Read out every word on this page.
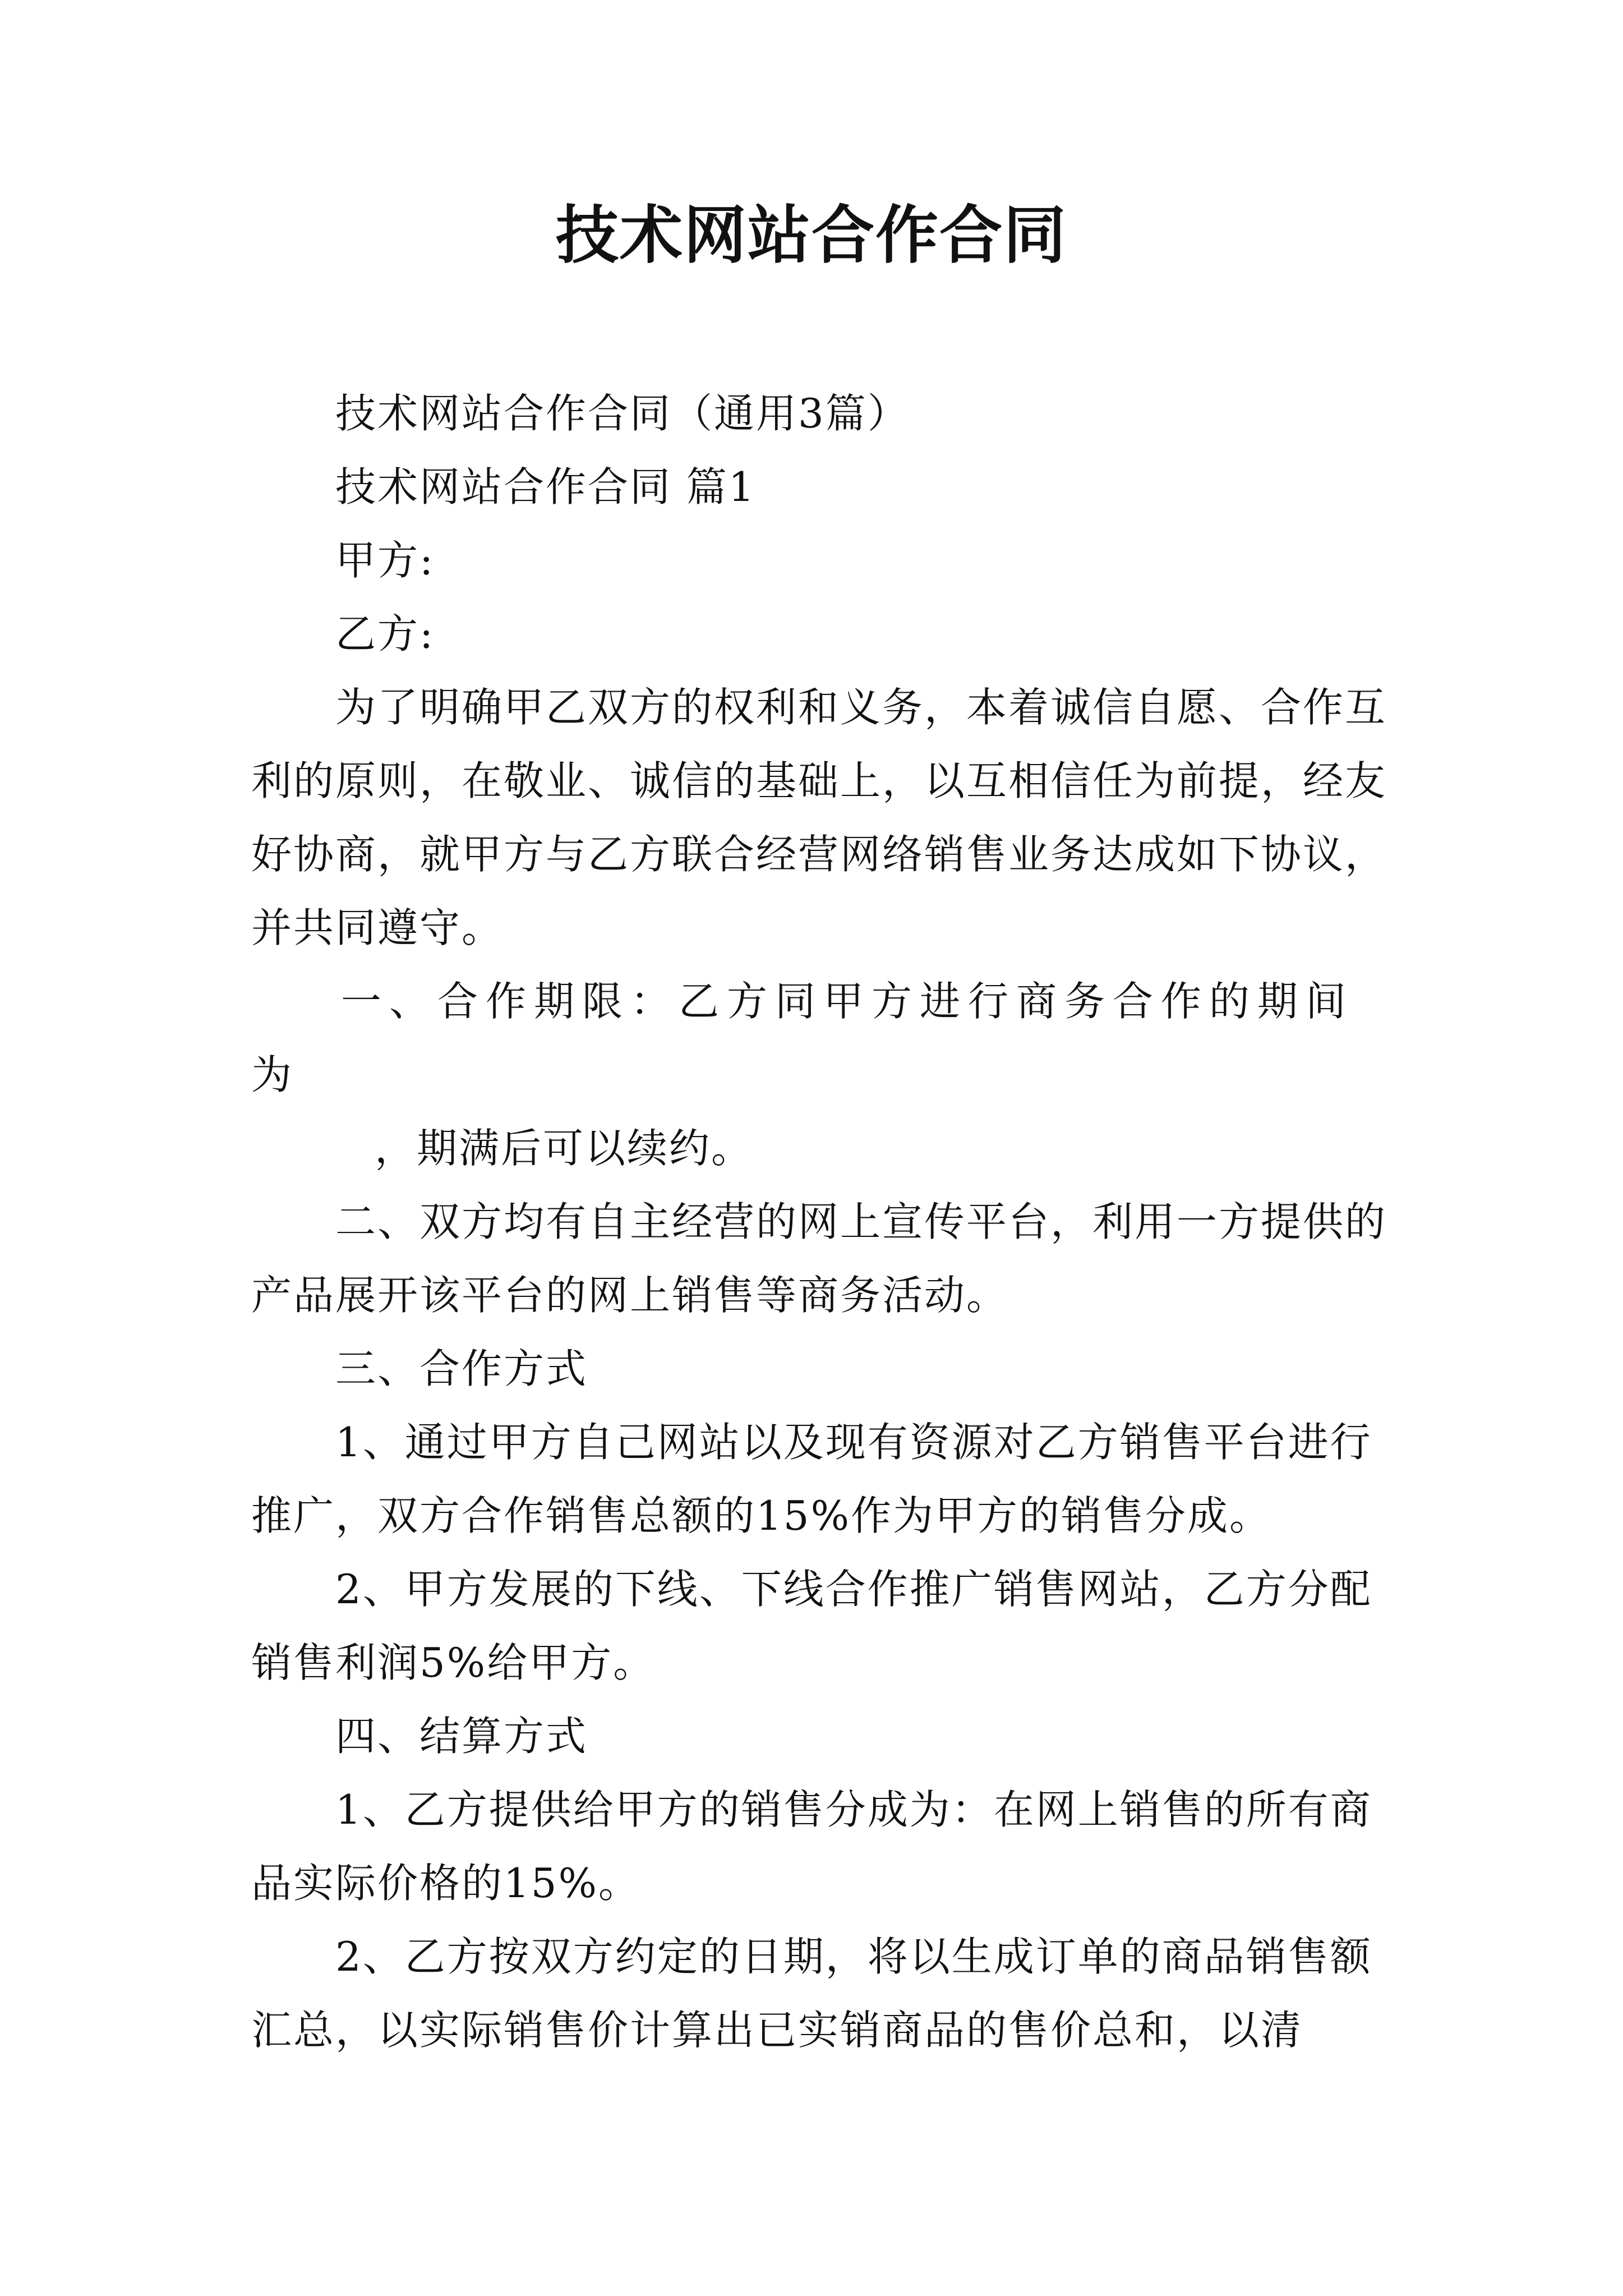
技术网站合作合同

技术网站合作合同（通用3篇）

技术网站合作合同 篇1

甲方:

乙方:

为了明确甲乙双方的权利和义务，本着诚信自愿、合作互利的原则，在敬业、诚信的基础上，以互相信任为前提，经友好协商，就甲方与乙方联合经营网络销售业务达成如下协议，并共同遵守。

一、合作期限：乙方同甲方进行商务合作的期间为

，期满后可以续约。

二、双方均有自主经营的网上宣传平台，利用一方提供的产品展开该平台的网上销售等商务活动。

三、合作方式

1、通过甲方自己网站以及现有资源对乙方销售平台进行推广，双方合作销售总额的15%作为甲方的销售分成。

2、甲方发展的下线、下线合作推广销售网站，乙方分配销售利润5%给甲方。

四、结算方式

1、乙方提供给甲方的销售分成为：在网上销售的所有商品实际价格的15%。

2、乙方按双方约定的日期，将以生成订单的商品销售额汇总，以实际销售价计算出已实销商品的售价总和，以清
